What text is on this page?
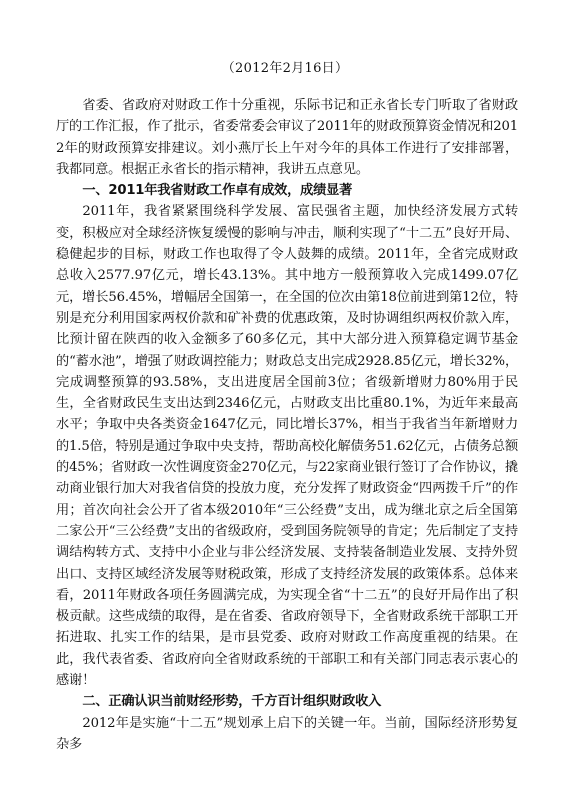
（2012年2月16日）

省委、省政府对财政工作十分重视，乐际书记和正永省长专门听取了省财政厅的工作汇报，作了批示，省委常委会审议了2011年的财政预算资金情况和2012年的财政预算安排建议。刘小燕厅长上午对今年的具体工作进行了安排部署，我都同意。根据正永省长的指示精神，我讲五点意见。

一、2011年我省财政工作卓有成效，成绩显著

2011年，我省紧紧围绕科学发展、富民强省主题，加快经济发展方式转变，积极应对全球经济恢复缓慢的影响与冲击，顺利实现了“十二五”良好开局、稳健起步的目标，财政工作也取得了令人鼓舞的成绩。2011年，全省完成财政总收入2577.97亿元，增长43.13%。其中地方一般预算收入完成1499.07亿元，增长56.45%，增幅居全国第一，在全国的位次由第18位前进到第12位，特别是充分利用国家两权价款和矿补费的优惠政策，及时协调组织两权价款入库，比预计留在陕西的收入金额多了60多亿元，其中大部分进入预算稳定调节基金的“蓄水池”，增强了财政调控能力；财政总支出完成2928.85亿元，增长32%，完成调整预算的93.58%，支出进度居全国前3位；省级新增财力80%用于民生，全省财政民生支出达到2346亿元，占财政支出比重80.1%，为近年来最高水平；争取中央各类资金1647亿元，同比增长37%，相当于我省当年新增财力的1.5倍，特别是通过争取中央支持，帮助高校化解债务51.62亿元，占债务总额的45%；省财政一次性调度资金270亿元，与22家商业银行签订了合作协议，撬动商业银行加大对我省信贷的投放力度，充分发挥了财政资金“四两拨千斤”的作用；首次向社会公开了省本级2010年“三公经费”支出，成为继北京之后全国第二家公开“三公经费”支出的省级政府，受到国务院领导的肯定；先后制定了支持调结构转方式、支持中小企业与非公经济发展、支持装备制造业发展、支持外贸出口、支持区域经济发展等财税政策，形成了支持经济发展的政策体系。总体来看，2011年财政各项任务圆满完成，为实现全省“十二五”的良好开局作出了积极贡献。这些成绩的取得，是在省委、省政府领导下，全省财政系统干部职工开拓进取、扎实工作的结果，是市县党委、政府对财政工作高度重视的结果。在此，我代表省委、省政府向全省财政系统的干部职工和有关部门同志表示衷心的感谢！

二、正确认识当前财经形势，千方百计组织财政收入

2012年是实施“十二五”规划承上启下的关键一年。当前，国际经济形势复杂多
